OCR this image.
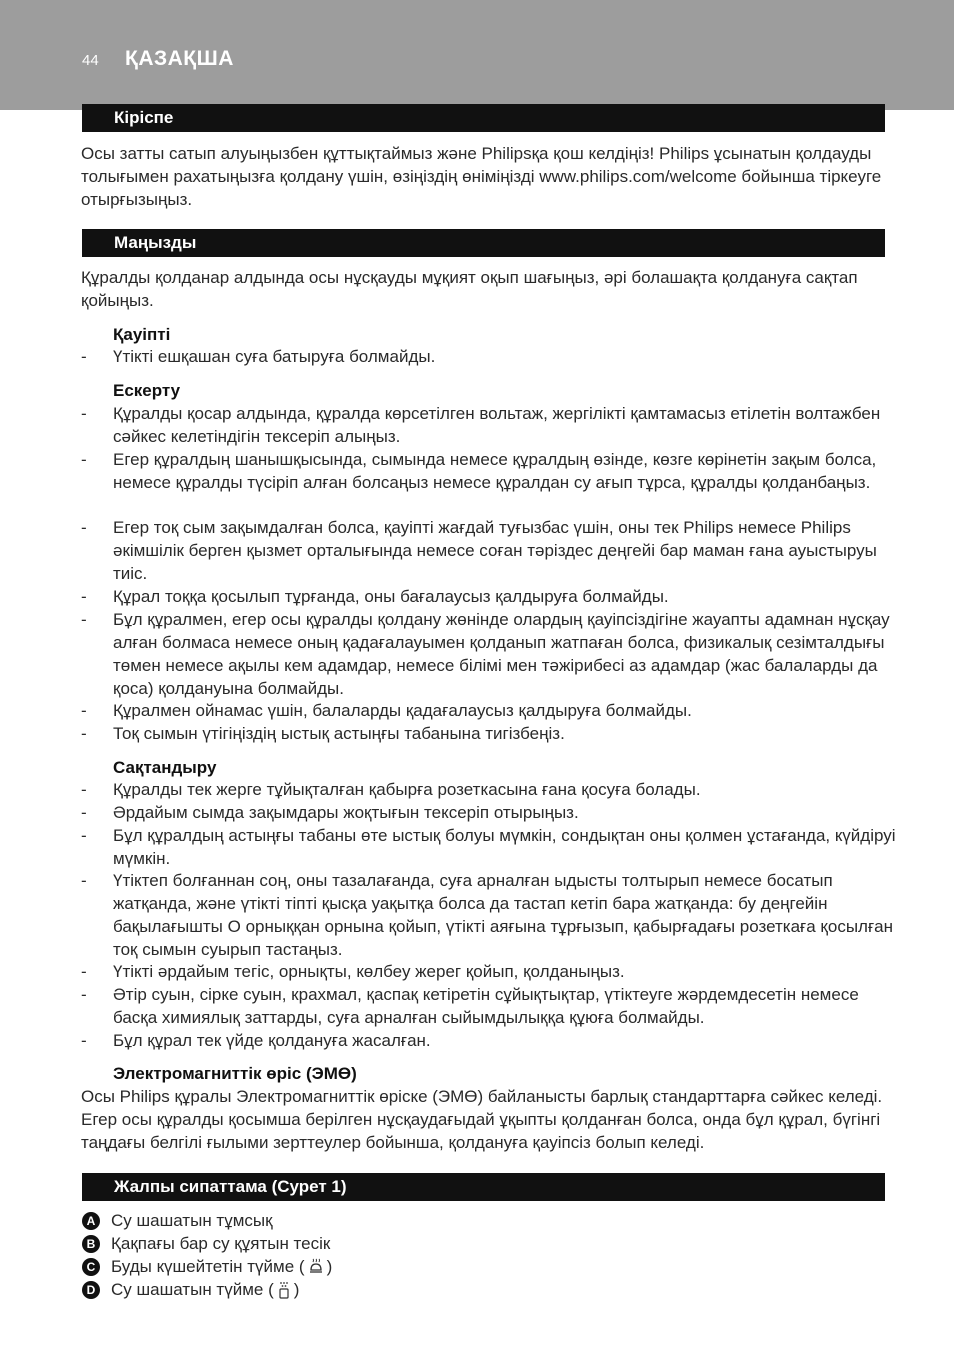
44 ҚАЗАҚША
Кіріспе
Осы затты сатып алуыңызбен құттықтаймыз және Philipsқа қош келдіңіз! Philips ұсынатын қолдауды толығымен рахатыңызға қолдану үшін, өзіңіздің өніміңізді www.philips.com/welcome бойынша тіркеуге отырғызыңыз.
Маңызды
Құралды қолданар алдында осы нұсқауды мұқият оқып шағыңыз, әрі болашақта қолдануға сақтап қойыңыз.
Қауіпті
- Үтікті ешқашан суға батыруға болмайды.
Ескерту
- Құралды қосар алдында, құралда көрсетілген вольтаж, жергілікті қамтамасыз етілетін волтажбен сәйкес келетіндігін тексеріп алыңыз.
- Егер құралдың шанышқысында, сымында немесе құралдың өзінде, көзге көрінетін зақым болса, немесе құралды түсіріп алған болсаңыз немесе құралдан су ағып тұрса, құралды қолданбаңыз.
- Егер тоқ сым зақымдалған болса, қауіпті жағдай туғызбас үшін, оны тек Philips немесе Philips әкімшілік берген қызмет орталығында немесе соған тәріздес деңгейі бар маман ғана ауыстыруы тиіс.
- Құрал тоққа қосылып тұрғанда, оны бағалаусыз қалдыруға болмайды.
- Бұл құралмен, егер осы құралды қолдану жөнінде олардың қауіпсіздігіне жауапты адамнан нұсқау алған болмаса немесе оның қадағалауымен қолданып жатпаған болса, физикалық сезімталдығы төмен немесе ақылы кем адамдар, немесе білімі мен тәжірибесі аз адамдар (жас балаларды да қоса) қолдануына болмайды.
- Құралмен ойнамас үшін, балаларды қадағалаусыз қалдыруға болмайды.
- Тоқ сымын үтігіңіздің ыстық астыңғы табанына тигізбеңіз.
Сақтандыру
- Құралды тек жерге тұйықталған қабырға розеткасына ғана қосуға болады.
- Әрдайым сымда зақымдары жоқтығын тексеріп отырыңыз.
- Бұл құралдың астыңғы табаны өте ыстық болуы мүмкін, сондықтан оны қолмен ұстағанда, күйдіруі мүмкін.
- Үтіктеп болғаннан соң, оны тазалағанда, суға арналған ыдысты толтырып немесе босатып жатқанда, және үтікті тіпті қысқа уақытқа болса да тастап кетіп бара жатқанда: бу деңгейін бақылағышты O орныққан орнына қойып, үтікті аяғына тұрғызып, қабырғадағы розеткаға қосылған тоқ сымын суырып тастаңыз.
- Үтікті әрдайым тегіс, орнықты, көлбеу жерег қойып, қолданыңыз.
- Әтір суын, сірке суын, крахмал, қаспақ кетіретін сұйықтықтар, үтіктеуге жәрдемдесетін немесе басқа химиялық заттарды, суға арналған сыйымдылыққа құюға болмайды.
- Бұл құрал тек үйде қолдануға жасалған.
Электромагниттік өріс (ЭМӨ)
Осы Philips құралы Электромагниттік өріске (ЭМӨ) байланысты барлық стандарттарға сәйкес келеді. Егер осы құралды қосымша берілген нұсқаудағыдай ұқыпты қолданған болса, онда бұл құрал, бүгінгі таңдағы белгілі ғылыми зерттеулер бойынша, қолдануға қауіпсіз болып келеді.
Жалпы сипаттама (Сурет 1)
A Су шашатын тұмсық
B Қақпағы бар су құятын тесік
C Буды күшейтетін түйме ( )
D Су шашатын түйме ( )
